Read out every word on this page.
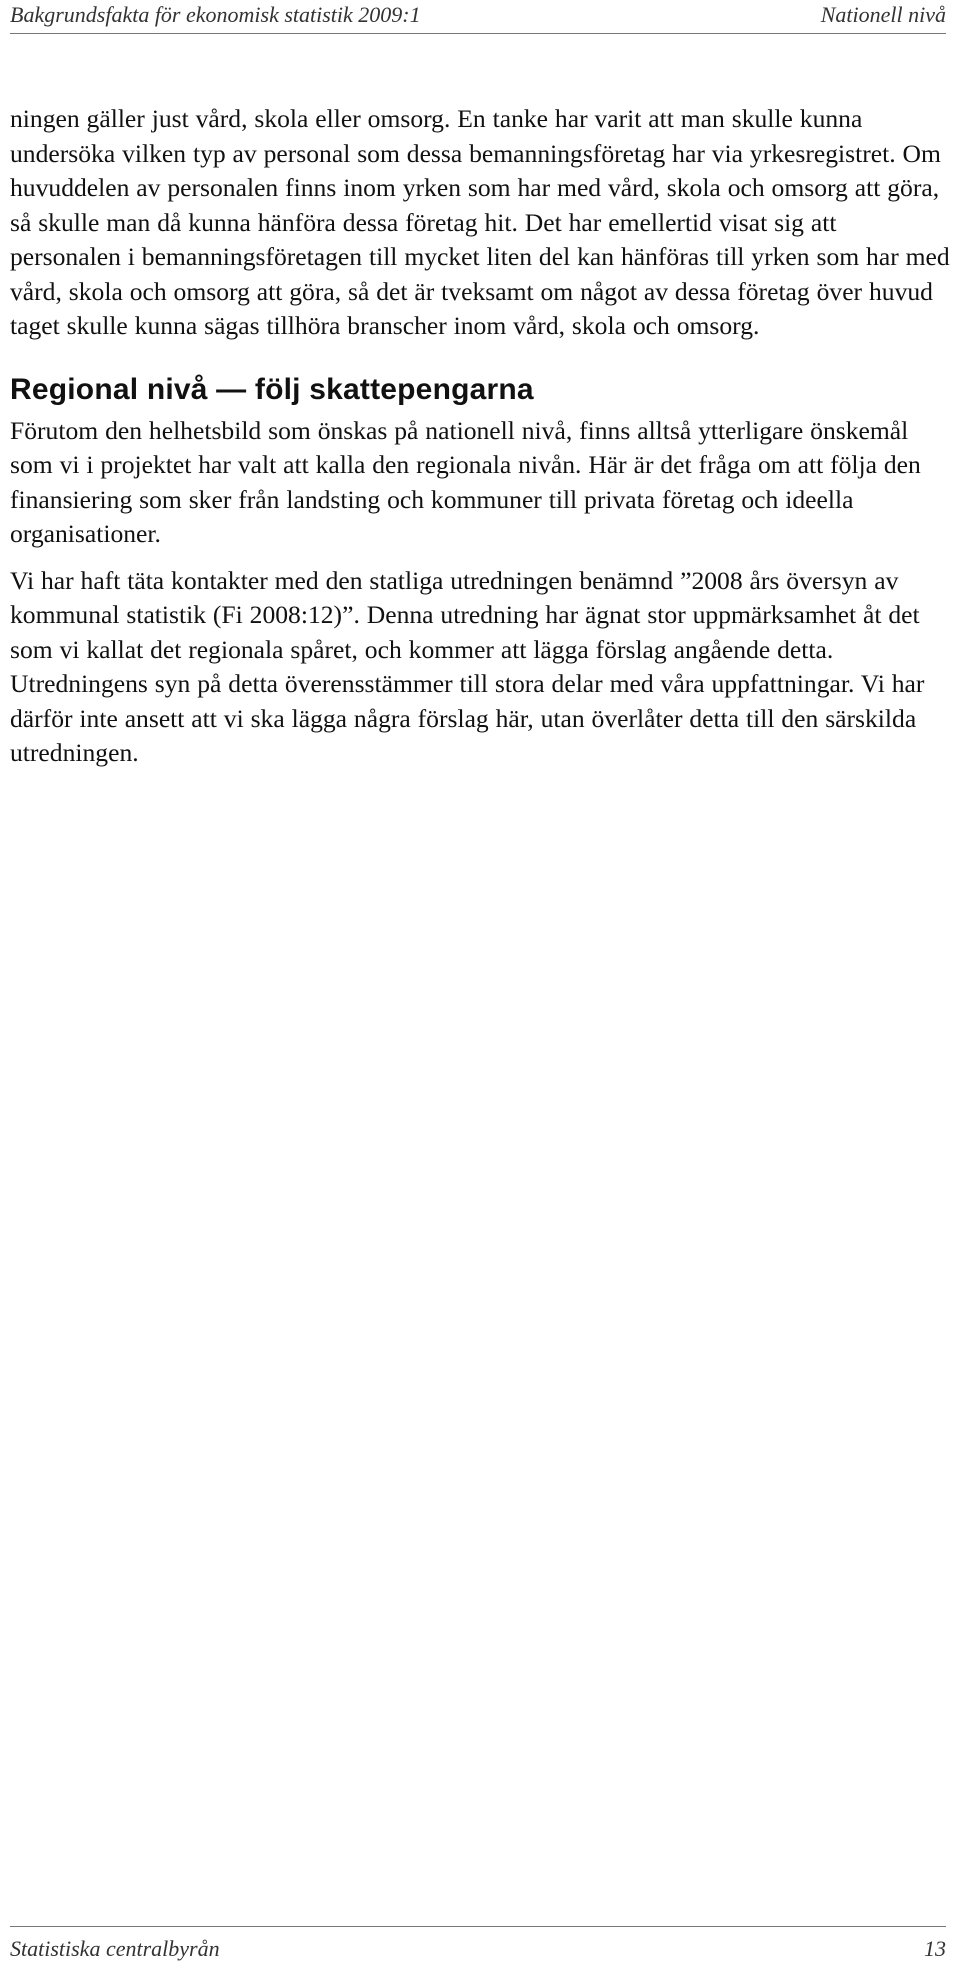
Bakgrundsfakta för ekonomisk statistik 2009:1	Nationell nivå

ningen gäller just vård, skola eller omsorg. En tanke har varit att man skulle kunna undersöka vilken typ av personal som dessa bemanningsföretag har via yrkesregistret. Om huvuddelen av personalen finns inom yrken som har med vård, skola och omsorg att göra, så skulle man då kunna hänföra dessa företag hit. Det har emellertid visat sig att personalen i bemanningsföretagen till mycket liten del kan hänföras till yrken som har med vård, skola och omsorg att göra, så det är tveksamt om något av dessa företag över huvud taget skulle kunna sägas tillhöra branscher inom vård, skola och omsorg.

Regional nivå — följ skattepengarna

Förutom den helhetsbild som önskas på nationell nivå, finns alltså ytterligare önskemål som vi i projektet har valt att kalla den regionala nivån. Här är det fråga om att följa den finansiering som sker från landsting och kommuner till privata företag och ideella organisationer.

Vi har haft täta kontakter med den statliga utredningen benämnd ”2008 års översyn av kommunal statistik (Fi 2008:12)”. Denna utredning har ägnat stor uppmärksamhet åt det som vi kallat det regionala spåret, och kommer att lägga förslag angående detta. Utredningens syn på detta överensstämmer till stora delar med våra uppfattningar. Vi har därför inte ansett att vi ska lägga några förslag här, utan överlåter detta till den särskilda utredningen.

Statistiska centralbyrån	13
